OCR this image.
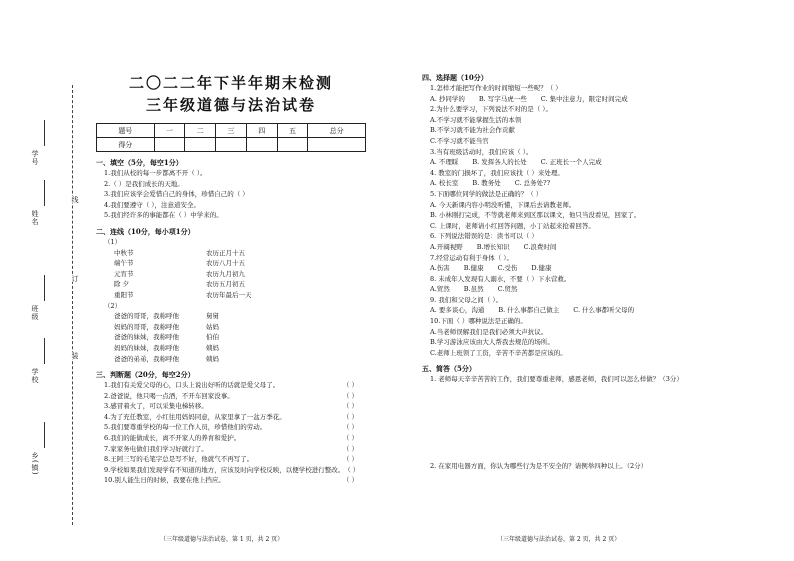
学号
姓名
班级
学校
乡(镇)
线
订
装
二〇二二年下半年期末检测
三年级道德与法治试卷
题号	一	二	三	四	五	总分
得分						
一、填空（5分，每空1分）
1.我们从校的每一步都离不开（ ）。
2.（ ）是我们成长的天地。
3.我们应该学会爱惜自己的身体，珍惜自己的（ ）
4.我们要遵守（ ），注意道安全。
5.我们经许多的事能都在（ ）中学来的。
二、连线（10分，每小项1分）
（1）
中秋节	农历正月十五
端午节	农历八月十五
元宵节	农历九月初九
除 夕	农历五月初五
重阳节	农历年最后一天
（2）
爸爸的哥哥，我称呼他	舅舅
妈妈的哥哥，我称呼他	姑妈
爸爸的妹妹，我称呼他	伯伯
妈妈的妹妹，我称呼他	姨妈
爸爸的弟弟，我称呼他	姨妈
三、判断题（20分，每空2分）
1.我们有关爱父母的心，口头上说出好听的话就是爱父母了。	（ ）
2.爸爸说，他只喝一点酒，不开车回家没事。	（ ）
3.感冒着火了，可以采集电梯转移。	（ ）
4.为了充任教室，小红往用妈妈同意，从家里拿了一盆万季花。	（ ）
5.我们要尊重学校的每一位工作人员，珍惜他们的劳动。	（ ）
6.我们的能做成长，离不开家人的养育和爱护。	（ ）
7.家家务电做们我们学习好就行了。	（ ）
8.王阿三写的毛笔字总是写不好，他就气不再写了。	（ ）
9.学校如果我们发现学有不知道的地方，应该及时向学校反映，以便学校进行整改。 （ ）
10.别人能生日的时候，我要在他上挡应。	（ ）
四、选择题（10分）
1.怎样才能把写作业的时间缩短一些呢？（ ）
A. 抄同学的 B. 写字马虎一些 C. 集中注意力，限定时间完成
2.为什么要学习，下列说法不对的是（ ）。
A.不学习就不能掌握生活的本领
B.不学习就不能为社会作贡献
C.不学习就不能当官
3.当有班级活动时，我们应该（ ）。
A. 不理睬 B. 发挥各人的长处 C. 正班长一个人完成
4. 教室的门损坏了，我们应该找（ ）来处理。
A. 校长室 B. 教务处 C. 总务处??
5.下面哪位同学的做法是正确的？（ ）
A. 今天新课内容小明没听懂，下课后去请教老师。
B. 小林刚打完成，不等就老师来到区那以课文，他只当没看见，回家了。
C. 上课时，老师请小红回答问题，小丁站起来抢着回答。
6. 下列说法错误的是：读书可以（ ）
A.开阔视野 B.增长知识 C.浪费时间
7.经常运动有利于身体（ ）。
A.伤害 B.健康 C.受伤 D.健康
8. 未成年人发现有人溺水，不要（ ）下水营救。
A.贸然 B.虽然 C.贸然
9. 我们和父母之间（ ）。
A. 要多谈心，沟通 B. 什么事都自己做主 C. 什么事都听父母的
10.下面（ ）哪种说法是正确的。
A.当老师误解我们是我们必须大声抗议。
B.学习游泳应该由大人帮我去规范的场所。
C.老师上班领了工资，辛苦不辛苦都是应该的。
五、简答（5分）
1. 老师每天辛辛苦苦的工作，我们要尊重老师，感恩老师，我们可以怎么样做？（3分）
2. 在家用电器方面，你认为哪些行为是不安全的？请例举四种以上。（2分）
（三年级道德与法治试卷，第 1 页，共 2 页）	（三年级道德与法治试卷，第 2 页，共 2 页）
